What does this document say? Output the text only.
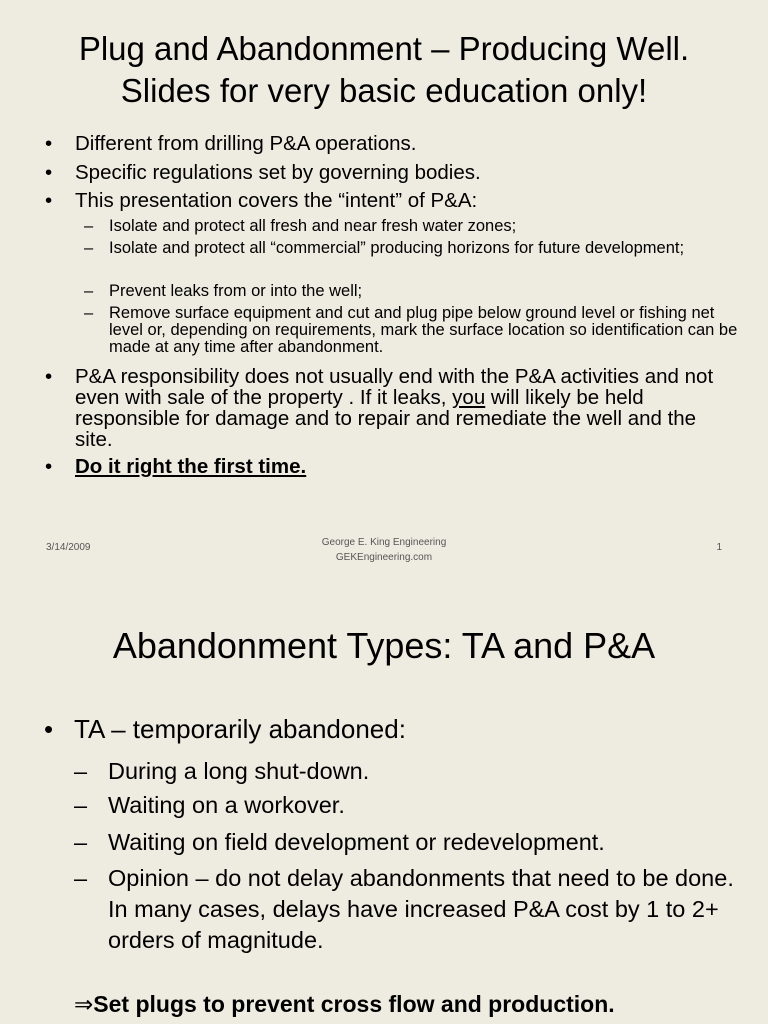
Plug and Abandonment – Producing Well.
Slides for very basic education only!
•	Different from drilling P&A operations.
•	Specific regulations set by governing bodies.
•	This presentation covers the “intent” of P&A:
– Isolate and protect all fresh and near fresh water zones;
– Isolate and protect all “commercial” producing horizons for future development;
– Prevent leaks from or into the well;
– Remove surface equipment and cut and plug pipe below ground level or fishing net level or, depending on requirements, mark the surface location so identification can be made at any time after abandonment.
•	P&A responsibility does not usually end with the P&A activities and not even with sale of the property . If it leaks, you will likely be held responsible for damage and to repair and remediate the well and the site.
•	Do it right the first time.
3/14/2009	George E. King Engineering
GEKEngineering.com
1
Abandonment Types: TA and P&A
• TA – temporarily abandoned:
– During a long shut-down.
– Waiting on a workover.
– Waiting on field development or redevelopment.
– Opinion – do not delay abandonments that need to be done. In many cases, delays have increased P&A cost by 1 to 2+ orders of magnitude.
⇒Set plugs to prevent cross flow and production.
